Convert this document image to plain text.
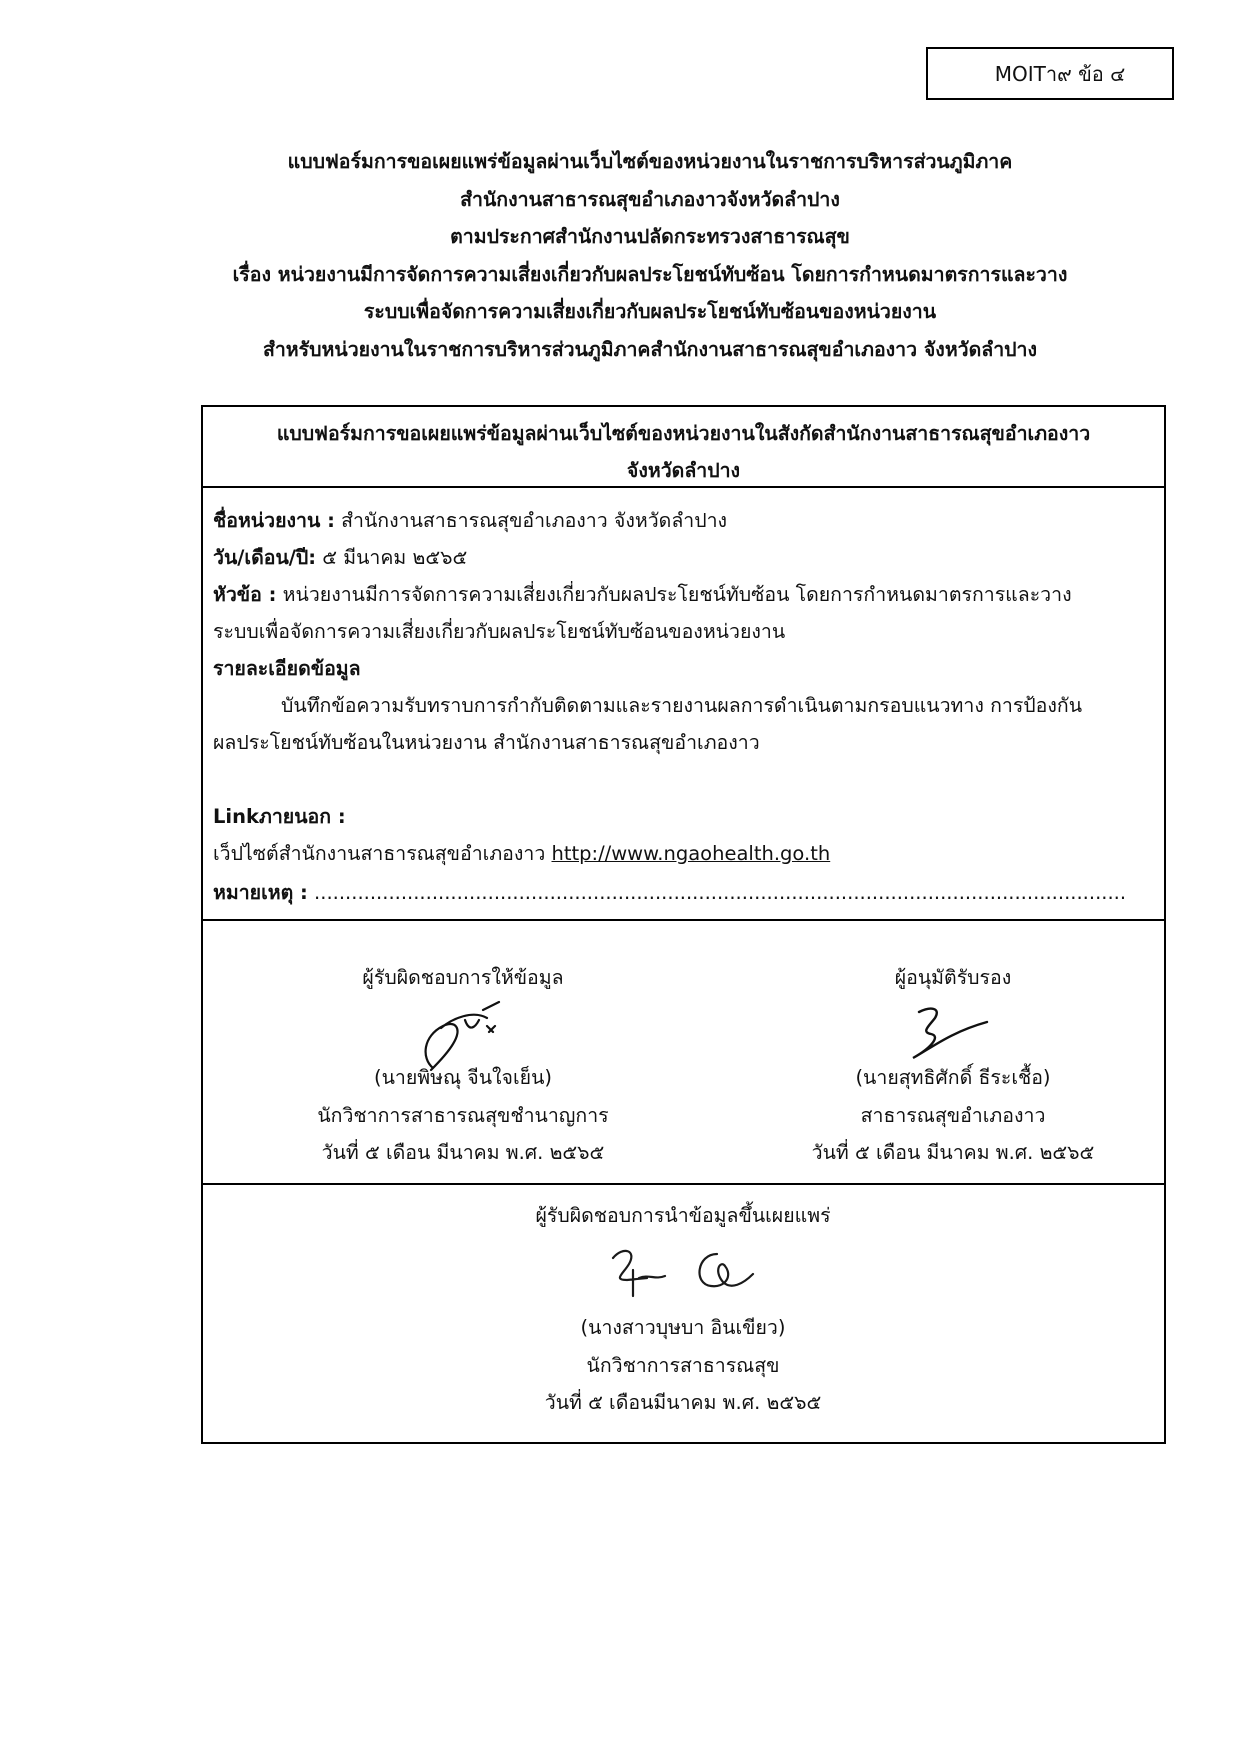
MOITา๙ ข้อ ๔
แบบฟอร์มการขอเผยแพร่ข้อมูลผ่านเว็บไซต์ของหน่วยงานในราชการบริหารส่วนภูมิภาค
สำนักงานสาธารณสุขอำเภองาวจังหวัดลำปาง
ตามประกาศสำนักงานปลัดกระทรวงสาธารณสุข
เรื่อง หน่วยงานมีการจัดการความเสี่ยงเกี่ยวกับผลประโยชน์ทับซ้อน โดยการกำหนดมาตรการและวาง
ระบบเพื่อจัดการความเสี่ยงเกี่ยวกับผลประโยชน์ทับซ้อนของหน่วยงาน
สำหรับหน่วยงานในราชการบริหารส่วนภูมิภาคสำนักงานสาธารณสุขอำเภองาว จังหวัดลำปาง
แบบฟอร์มการขอเผยแพร่ข้อมูลผ่านเว็บไซต์ของหน่วยงานในสังกัดสำนักงานสาธารณสุขอำเภองาว
จังหวัดลำปาง
ชื่อหน่วยงาน : สำนักงานสาธารณสุขอำเภองาว จังหวัดลำปาง
วัน/เดือน/ปี: ๕ มีนาคม ๒๕๖๕
หัวข้อ : หน่วยงานมีการจัดการความเสี่ยงเกี่ยวกับผลประโยชน์ทับซ้อน โดยการกำหนดมาตรการและวาง
ระบบเพื่อจัดการความเสี่ยงเกี่ยวกับผลประโยชน์ทับซ้อนของหน่วยงาน
รายละเอียดข้อมูล
บันทึกข้อความรับทราบการกำกับติดตามและรายงานผลการดำเนินตามกรอบแนวทาง การป้องกัน
ผลประโยชน์ทับซ้อนในหน่วยงาน สำนักงานสาธารณสุขอำเภองาว
Linkภายนอก :
เว็ปไซต์สำนักงานสาธารณสุขอำเภองาว http://www.ngaohealth.go.th
หมายเหตุ : ...................................................................................................................................
ผู้รับผิดชอบการให้ข้อมูล
(นายพิษณุ จีนใจเย็น)
นักวิชาการสาธารณสุขชำนาญการ
วันที่ ๕ เดือน มีนาคม พ.ศ. ๒๕๖๕
ผู้อนุมัติรับรอง
(นายสุทธิศักดิ์ ธีระเชื้อ)
สาธารณสุขอำเภองาว
วันที่ ๕ เดือน มีนาคม พ.ศ. ๒๕๖๕
ผู้รับผิดชอบการนำข้อมูลขึ้นเผยแพร่
(นางสาวบุษบา อินเขียว)
นักวิชาการสาธารณสุข
วันที่ ๕ เดือนมีนาคม พ.ศ. ๒๕๖๕
